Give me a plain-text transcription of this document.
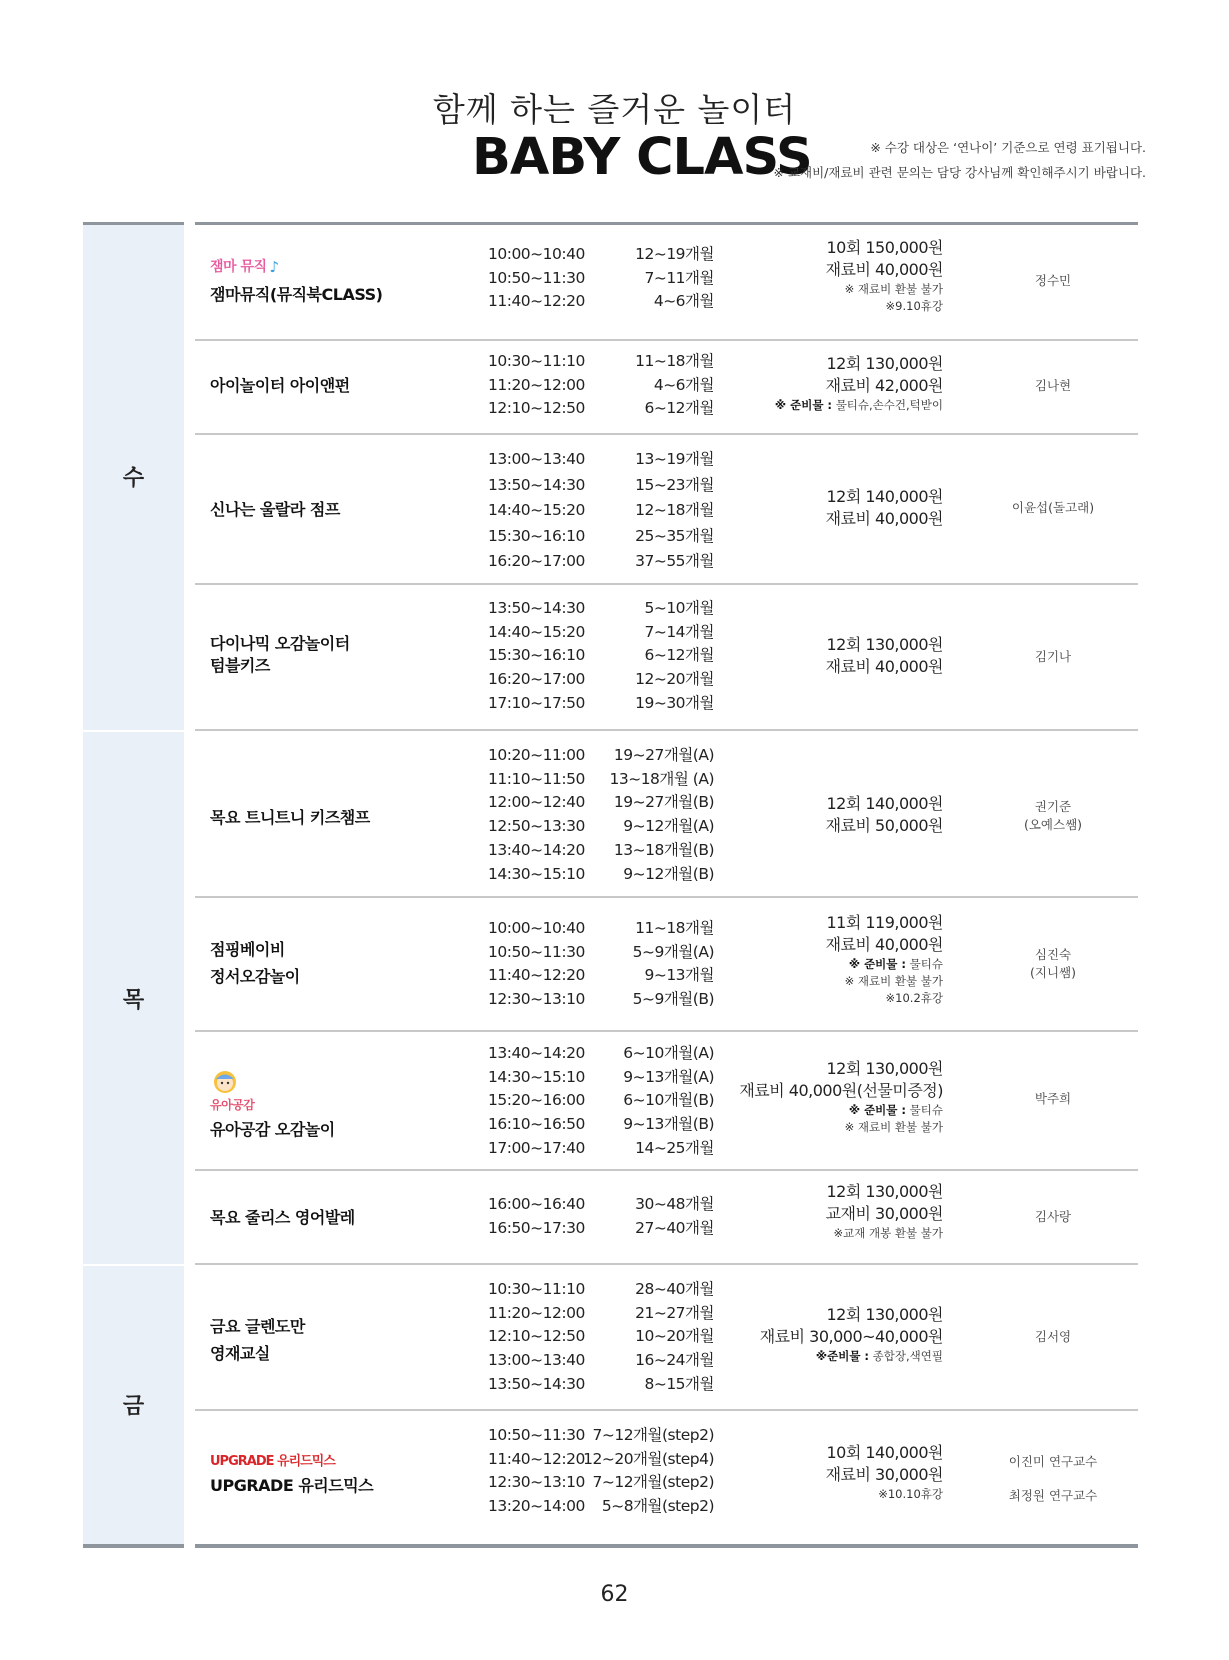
함께 하는 즐거운 놀이터
BABY CLASS	※ 수강 대상은 ‘연나이’ 기준으로 연령 표기됩니다.
※ 교재비/재료비 관련 문의는 담당 강사님께 확인해주시기 바랍니다.
수
목
금
잼마 뮤직 ♪
잼마뮤직(뮤직북CLASS)
10:00~10:40
10:50~11:30
11:40~12:20
12~19개월
7~11개월
4~6개월
10회 150,000원
재료비 40,000원
※ 재료비 환불 불가
※9.10휴강
정수민
아이놀이터 아이앤펀
10:30~11:10
11:20~12:00
12:10~12:50
11~18개월
4~6개월
6~12개월
12회 130,000원
재료비 42,000원
※ 준비물 : 물티슈,손수건,턱받이
김나현
신나는 울랄라 점프
13:00~13:40
13:50~14:30
14:40~15:20
15:30~16:10
16:20~17:00
13~19개월
15~23개월
12~18개월
25~35개월
37~55개월
12회 140,000원
재료비 40,000원
이윤섭(돌고래)
다이나믹 오감놀이터
텀블키즈
13:50~14:30
14:40~15:20
15:30~16:10
16:20~17:00
17:10~17:50
5~10개월
7~14개월
6~12개월
12~20개월
19~30개월
12회 130,000원
재료비 40,000원
김기나
목요 트니트니 키즈챔프
10:20~11:00
11:10~11:50
12:00~12:40
12:50~13:30
13:40~14:20
14:30~15:10
19~27개월(A)
13~18개월 (A)
19~27개월(B)
9~12개월(A)
13~18개월(B)
9~12개월(B)
12회 140,000원
재료비 50,000원
권기준
(오예스쌤)
점핑베이비
정서오감놀이
10:00~10:40
10:50~11:30
11:40~12:20
12:30~13:10
11~18개월
5~9개월(A)
9~13개월
5~9개월(B)
11회 119,000원
재료비 40,000원
※ 준비물 : 물티슈
※ 재료비 환불 불가
※10.2휴강
심진숙
(지니쌤)
유아공감
유아공감 오감놀이
13:40~14:20
14:30~15:10
15:20~16:00
16:10~16:50
17:00~17:40
6~10개월(A)
9~13개월(A)
6~10개월(B)
9~13개월(B)
14~25개월
12회 130,000원
재료비 40,000원(선물미증정)
※ 준비물 : 물티슈
※ 재료비 환불 불가
박주희
목요 줄리스 영어발레
16:00~16:40
16:50~17:30
30~48개월
27~40개월
12회 130,000원
교재비 30,000원
※교재 개봉 환불 불가
김사랑
금요 글렌도만
영재교실
10:30~11:10
11:20~12:00
12:10~12:50
13:00~13:40
13:50~14:30
28~40개월
21~27개월
10~20개월
16~24개월
8~15개월
12회 130,000원
재료비 30,000~40,000원
※준비물 : 종합장,색연필
김서영
UPGRADE 유리드믹스
UPGRADE 유리드믹스
10:50~11:30
11:40~12:20
12:30~13:10
13:20~14:00
7~12개월(step2)
12~20개월(step4)
7~12개월(step2)
5~8개월(step2)
10회 140,000원
재료비 30,000원
※10.10휴강
이진미 연구교수
최정원 연구교수
62
